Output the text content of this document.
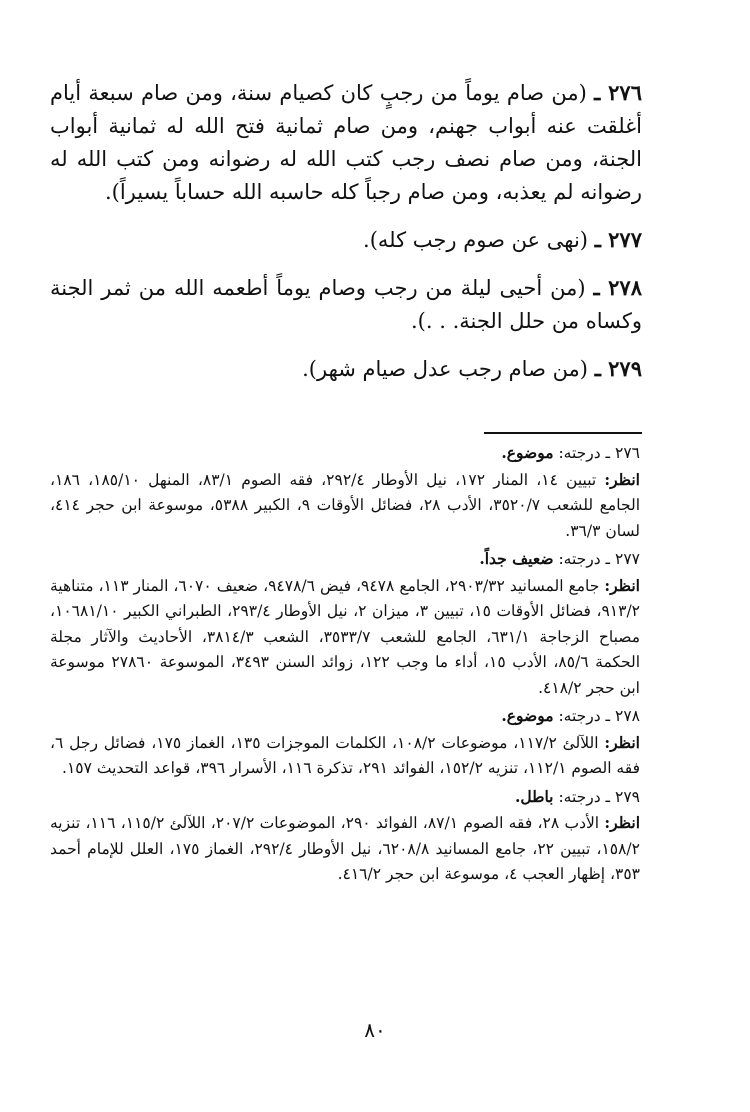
٢٧٦ ـ (من صام يوماً من رجبٍ كان كصيام سنة، ومن صام سبعة أيام أغلقت عنه أبواب جهنم، ومن صام ثمانية فتح الله له ثمانية أبواب الجنة، ومن صام نصف رجب كتب الله له رضوانه ومن كتب الله له رضوانه لم يعذبه، ومن صام رجباً كله حاسبه الله حساباً يسيراً).

٢٧٧ ـ (نهى عن صوم رجب كله).

٢٧٨ ـ (من أحيى ليلة من رجب وصام يوماً أطعمه الله من ثمر الجنة وكساه من حلل الجنة. . .).

٢٧٩ ـ (من صام رجب عدل صيام شهر).

٢٧٦ ـ درجته: موضوع.
انظر: تبيين ١٤، المنار ١٧٢، نيل الأوطار ٢٩٢/٤، فقه الصوم ٨٣/١، المنهل ١٨٥/١٠، ١٨٦، الجامع للشعب ٣٥٢٠/٧، الأدب ٢٨، فضائل الأوقات ٩، الكبير ٥٣٨٨، موسوعة ابن حجر ٤١٤، لسان ٣٦/٣.
٢٧٧ ـ درجته: ضعيف جداً.
انظر: جامع المسانيد ٢٩٠٣/٣٢، الجامع ٩٤٧٨، فيض ٩٤٧٨/٦، ضعيف ٦٠٧٠، المنار ١١٣، متناهية ٩١٣/٢، فضائل الأوقات ١٥، تبيين ٣، ميزان ٢، نيل الأوطار ٢٩٣/٤، الطبراني الكبير ١٠٦٨١/١٠، مصباح الزجاجة ٦٣١/١، الجامع للشعب ٣٥٣٣/٧، الشعب ٣٨١٤/٣، الأحاديث والآثار مجلة الحكمة ٨٥/٦، الأدب ١٥، أداء ما وجب ١٢٢، زوائد السنن ٣٤٩٣، الموسوعة ٢٧٨٦٠ موسوعة ابن حجر ٤١٨/٢.
٢٧٨ ـ درجته: موضوع.
انظر: اللآلئ ١١٧/٢، موضوعات ١٠٨/٢، الكلمات الموجزات ١٣٥، الغماز ١٧٥، فضائل رجل ٦، فقه الصوم ١١٢/١، تنزيه ١٥٢/٢، الفوائد ٢٩١، تذكرة ١١٦، الأسرار ٣٩٦، قواعد التحديث ١٥٧.
٢٧٩ ـ درجته: باطل.
انظر: الأدب ٢٨، فقه الصوم ٨٧/١، الفوائد ٢٩٠، الموضوعات ٢٠٧/٢، اللآلئ ١١٥/٢، ١١٦، تنزيه ١٥٨/٢، تبيين ٢٢، جامع المسانيد ٦٢٠٨/٨، نيل الأوطار ٢٩٢/٤، الغماز ١٧٥، العلل للإمام أحمد ٣٥٣، إظهار العجب ٤، موسوعة ابن حجر ٤١٦/٢.
٨٠
